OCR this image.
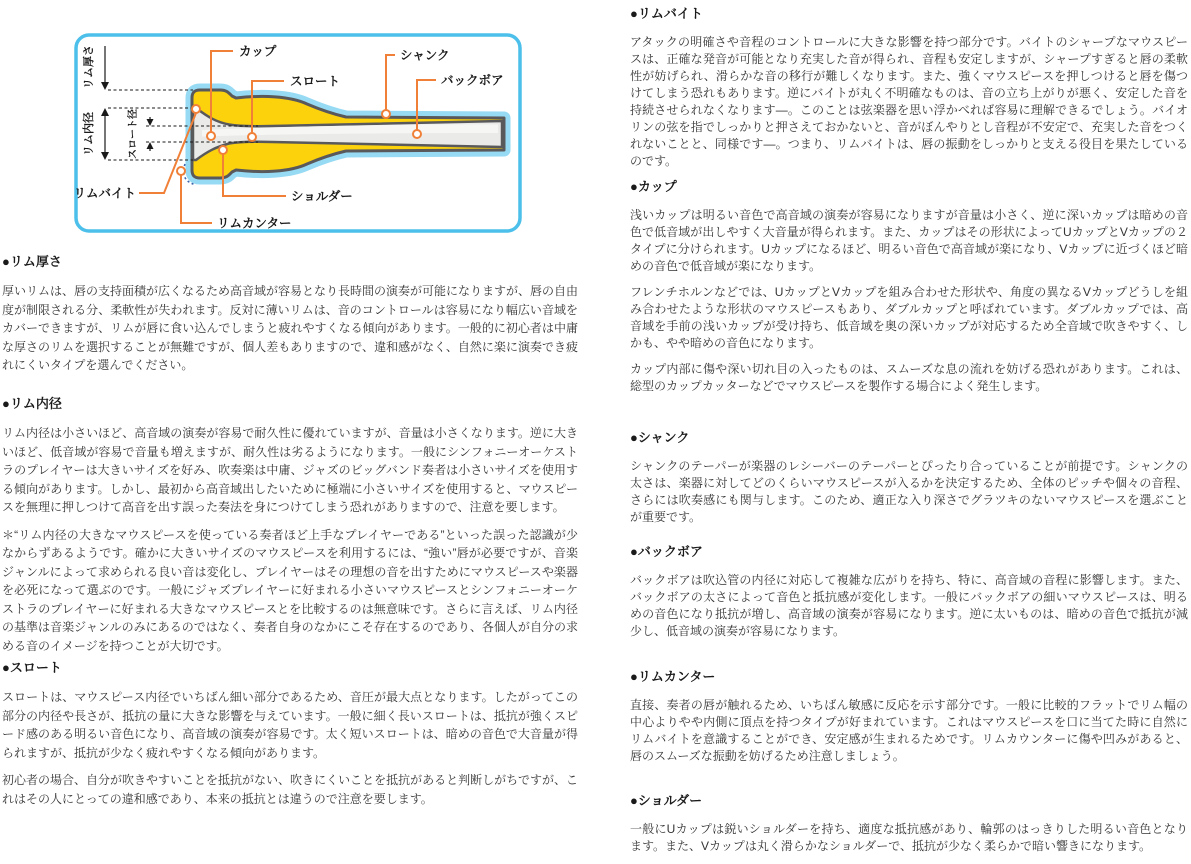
リム厚さ
リム内径	スロート径
カップ
スロート
シャンク
バックボア
リムバイト	ショルダー
リムカンター
●リム厚さ

厚いリムは、唇の支持面積が広くなるため高音域が容易となり長時間の演奏が可能になりますが、唇の自由度が制限される分、柔軟性が失われます。反対に薄いリムは、音のコントロールは容易になり幅広い音域をカバーできますが、リムが唇に食い込んでしまうと疲れやすくなる傾向があります。一般的に初心者は中庸な厚さのリムを選択することが無難ですが、個人差もありますので、違和感がなく、自然に楽に演奏でき疲れにくいタイプを選んでください。

●リム内径

リム内径は小さいほど、高音域の演奏が容易で耐久性に優れていますが、音量は小さくなります。逆に大きいほど、低音域が容易で音量も増えますが、耐久性は劣るようになります。一般にシンフォニーオーケストラのプレイヤーは大きいサイズを好み、吹奏楽は中庸、ジャズのビッグバンド奏者は小さいサイズを使用する傾向があります。しかし、最初から高音域出したいために極端に小さいサイズを使用すると、マウスピースを無理に押しつけて高音を出す誤った奏法を身につけてしまう恐れがありますので、注意を要します。

＊“リム内径の大きなマウスピースを使っている奏者ほど上手なプレイヤーである”といった誤った認識が少なからずあるようです。確かに大きいサイズのマウスピースを利用するには、“強い”唇が必要ですが、音楽ジャンルによって求められる良い音は変化し、プレイヤーはその理想の音を出すためにマウスピースや楽器を必死になって選ぶのです。一般にジャズプレイヤーに好まれる小さいマウスピースとシンフォニーオーケストラのプレイヤーに好まれる大きなマウスピースとを比較するのは無意味です。さらに言えば、リム内径の基準は音楽ジャンルのみにあるのではなく、奏者自身のなかにこそ存在するのであり、各個人が自分の求める音のイメージを持つことが大切です。

●スロート

スロートは、マウスピース内径でいちばん細い部分であるため、音圧が最大点となります。したがってこの部分の内径や長さが、抵抗の量に大きな影響を与えています。一般に細く長いスロートは、抵抗が強くスピード感のある明るい音色になり、高音域の演奏が容易です。太く短いスロートは、暗めの音色で大音量が得られますが、抵抗が少なく疲れやすくなる傾向があります。

初心者の場合、自分が吹きやすいことを抵抗がない、吹きにくいことを抵抗があると判断しがちですが、これはその人にとっての違和感であり、本来の抵抗とは違うので注意を要します。

●リムバイト

アタックの明確さや音程のコントロールに大きな影響を持つ部分です。バイトのシャープなマウスピースは、正確な発音が可能となり充実した音が得られ、音程も安定しますが、シャープすぎると唇の柔軟性が妨げられ、滑らかな音の移行が難しくなります。また、強くマウスピースを押しつけると唇を傷つけてしまう恐れもあります。逆にバイトが丸く不明確なものは、音の立ち上がりが悪く、安定した音を持続させられなくなります―。このことは弦楽器を思い浮かべれば容易に理解できるでしょう。バイオリンの弦を指でしっかりと押さえておかないと、音がぼんやりとし音程が不安定で、充実した音をつくれないことと、同様です―。つまり、リムバイトは、唇の振動をしっかりと支える役目を果たしているのです。

●カップ

浅いカップは明るい音色で高音域の演奏が容易になりますが音量は小さく、逆に深いカップは暗めの音色で低音域が出しやすく大音量が得られます。また、カップはその形状によってUカップとVカップの２タイプに分けられます。Uカップになるほど、明るい音色で高音域が楽になり、Vカップに近づくほど暗めの音色で低音域が楽になります。

フレンチホルンなどでは、UカップとVカップを組み合わせた形状や、角度の異なるVカップどうしを組み合わせたような形状のマウスピースもあり、ダブルカップと呼ばれています。ダブルカップでは、高音域を手前の浅いカップが受け持ち、低音域を奥の深いカップが対応するため全音域で吹きやすく、しかも、やや暗めの音色になります。

カップ内部に傷や深い切れ目の入ったものは、スムーズな息の流れを妨げる恐れがあります。これは、総型のカップカッターなどでマウスピースを製作する場合によく発生します。

●シャンク

シャンクのテーパーが楽器のレシーバーのテーパーとぴったり合っていることが前提です。シャンクの太さは、楽器に対してどのくらいマウスピースが入るかを決定するため、全体のピッチや個々の音程、さらには吹奏感にも関与します。このため、適正な入り深さでグラツキのないマウスピースを選ぶことが重要です。

●バックボア

バックボアは吹込管の内径に対応して複雑な広がりを持ち、特に、高音域の音程に影響します。また、バックボアの太さによって音色と抵抗感が変化します。一般にバックボアの細いマウスピースは、明るめの音色になり抵抗が増し、高音域の演奏が容易になります。逆に太いものは、暗めの音色で抵抗が減少し、低音域の演奏が容易になります。

●リムカンター

直接、奏者の唇が触れるため、いちばん敏感に反応を示す部分です。一般に比較的フラットでリム幅の中心よりやや内側に頂点を持つタイプが好まれています。これはマウスピースを口に当てた時に自然にリムバイトを意識することができ、安定感が生まれるためです。リムカウンターに傷や凹みがあると、唇のスムーズな振動を妨げるため注意しましょう。

●ショルダー

一般にUカップは鋭いショルダーを持ち、適度な抵抗感があり、輪郭のはっきりした明るい音色となります。また、Vカップは丸く滑らかなショルダーで、抵抗が少なく柔らかで暗い響きになります。
